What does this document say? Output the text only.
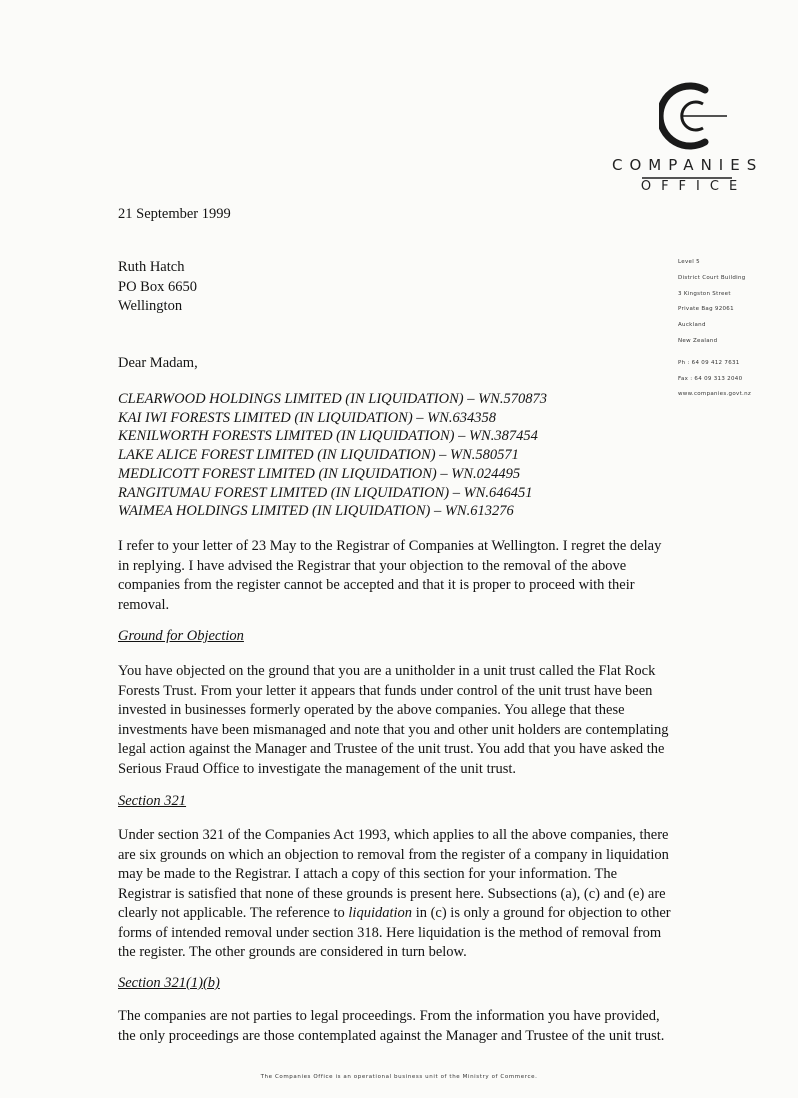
COMPANIES
OFFICE
Level 5
District Court Building
3 Kingston Street
Private Bag 92061
Auckland
New Zealand
Ph : 64 09 412 7631
Fax : 64 09 313 2040
www.companies.govt.nz
21 September 1999
Ruth Hatch
PO Box 6650
Wellington
Dear Madam,
CLEARWOOD HOLDINGS LIMITED (IN LIQUIDATION) – WN.570873
KAI IWI FORESTS LIMITED (IN LIQUIDATION) – WN.634358
KENILWORTH FORESTS LIMITED (IN LIQUIDATION) – WN.387454
LAKE ALICE FOREST LIMITED (IN LIQUIDATION) – WN.580571
MEDLICOTT FOREST LIMITED (IN LIQUIDATION) – WN.024495
RANGITUMAU FOREST LIMITED (IN LIQUIDATION) – WN.646451
WAIMEA HOLDINGS LIMITED (IN LIQUIDATION) – WN.613276
I refer to your letter of 23 May to the Registrar of Companies at Wellington. I regret the delay
in replying. I have advised the Registrar that your objection to the removal of the above
companies from the register cannot be accepted and that it is proper to proceed with their
removal.
Ground for Objection
You have objected on the ground that you are a unitholder in a unit trust called the Flat Rock
Forests Trust. From your letter it appears that funds under control of the unit trust have been
invested in businesses formerly operated by the above companies. You allege that these
investments have been mismanaged and note that you and other unit holders are contemplating
legal action against the Manager and Trustee of the unit trust. You add that you have asked the
Serious Fraud Office to investigate the management of the unit trust.
Section 321
Under section 321 of the Companies Act 1993, which applies to all the above companies, there
are six grounds on which an objection to removal from the register of a company in liquidation
may be made to the Registrar. I attach a copy of this section for your information. The
Registrar is satisfied that none of these grounds is present here. Subsections (a), (c) and (e) are
clearly not applicable. The reference to liquidation in (c) is only a ground for objection to other
forms of intended removal under section 318. Here liquidation is the method of removal from
the register. The other grounds are considered in turn below.
Section 321(1)(b)
The companies are not parties to legal proceedings. From the information you have provided,
the only proceedings are those contemplated against the Manager and Trustee of the unit trust.
The Companies Office is an operational business unit of the Ministry of Commerce.
